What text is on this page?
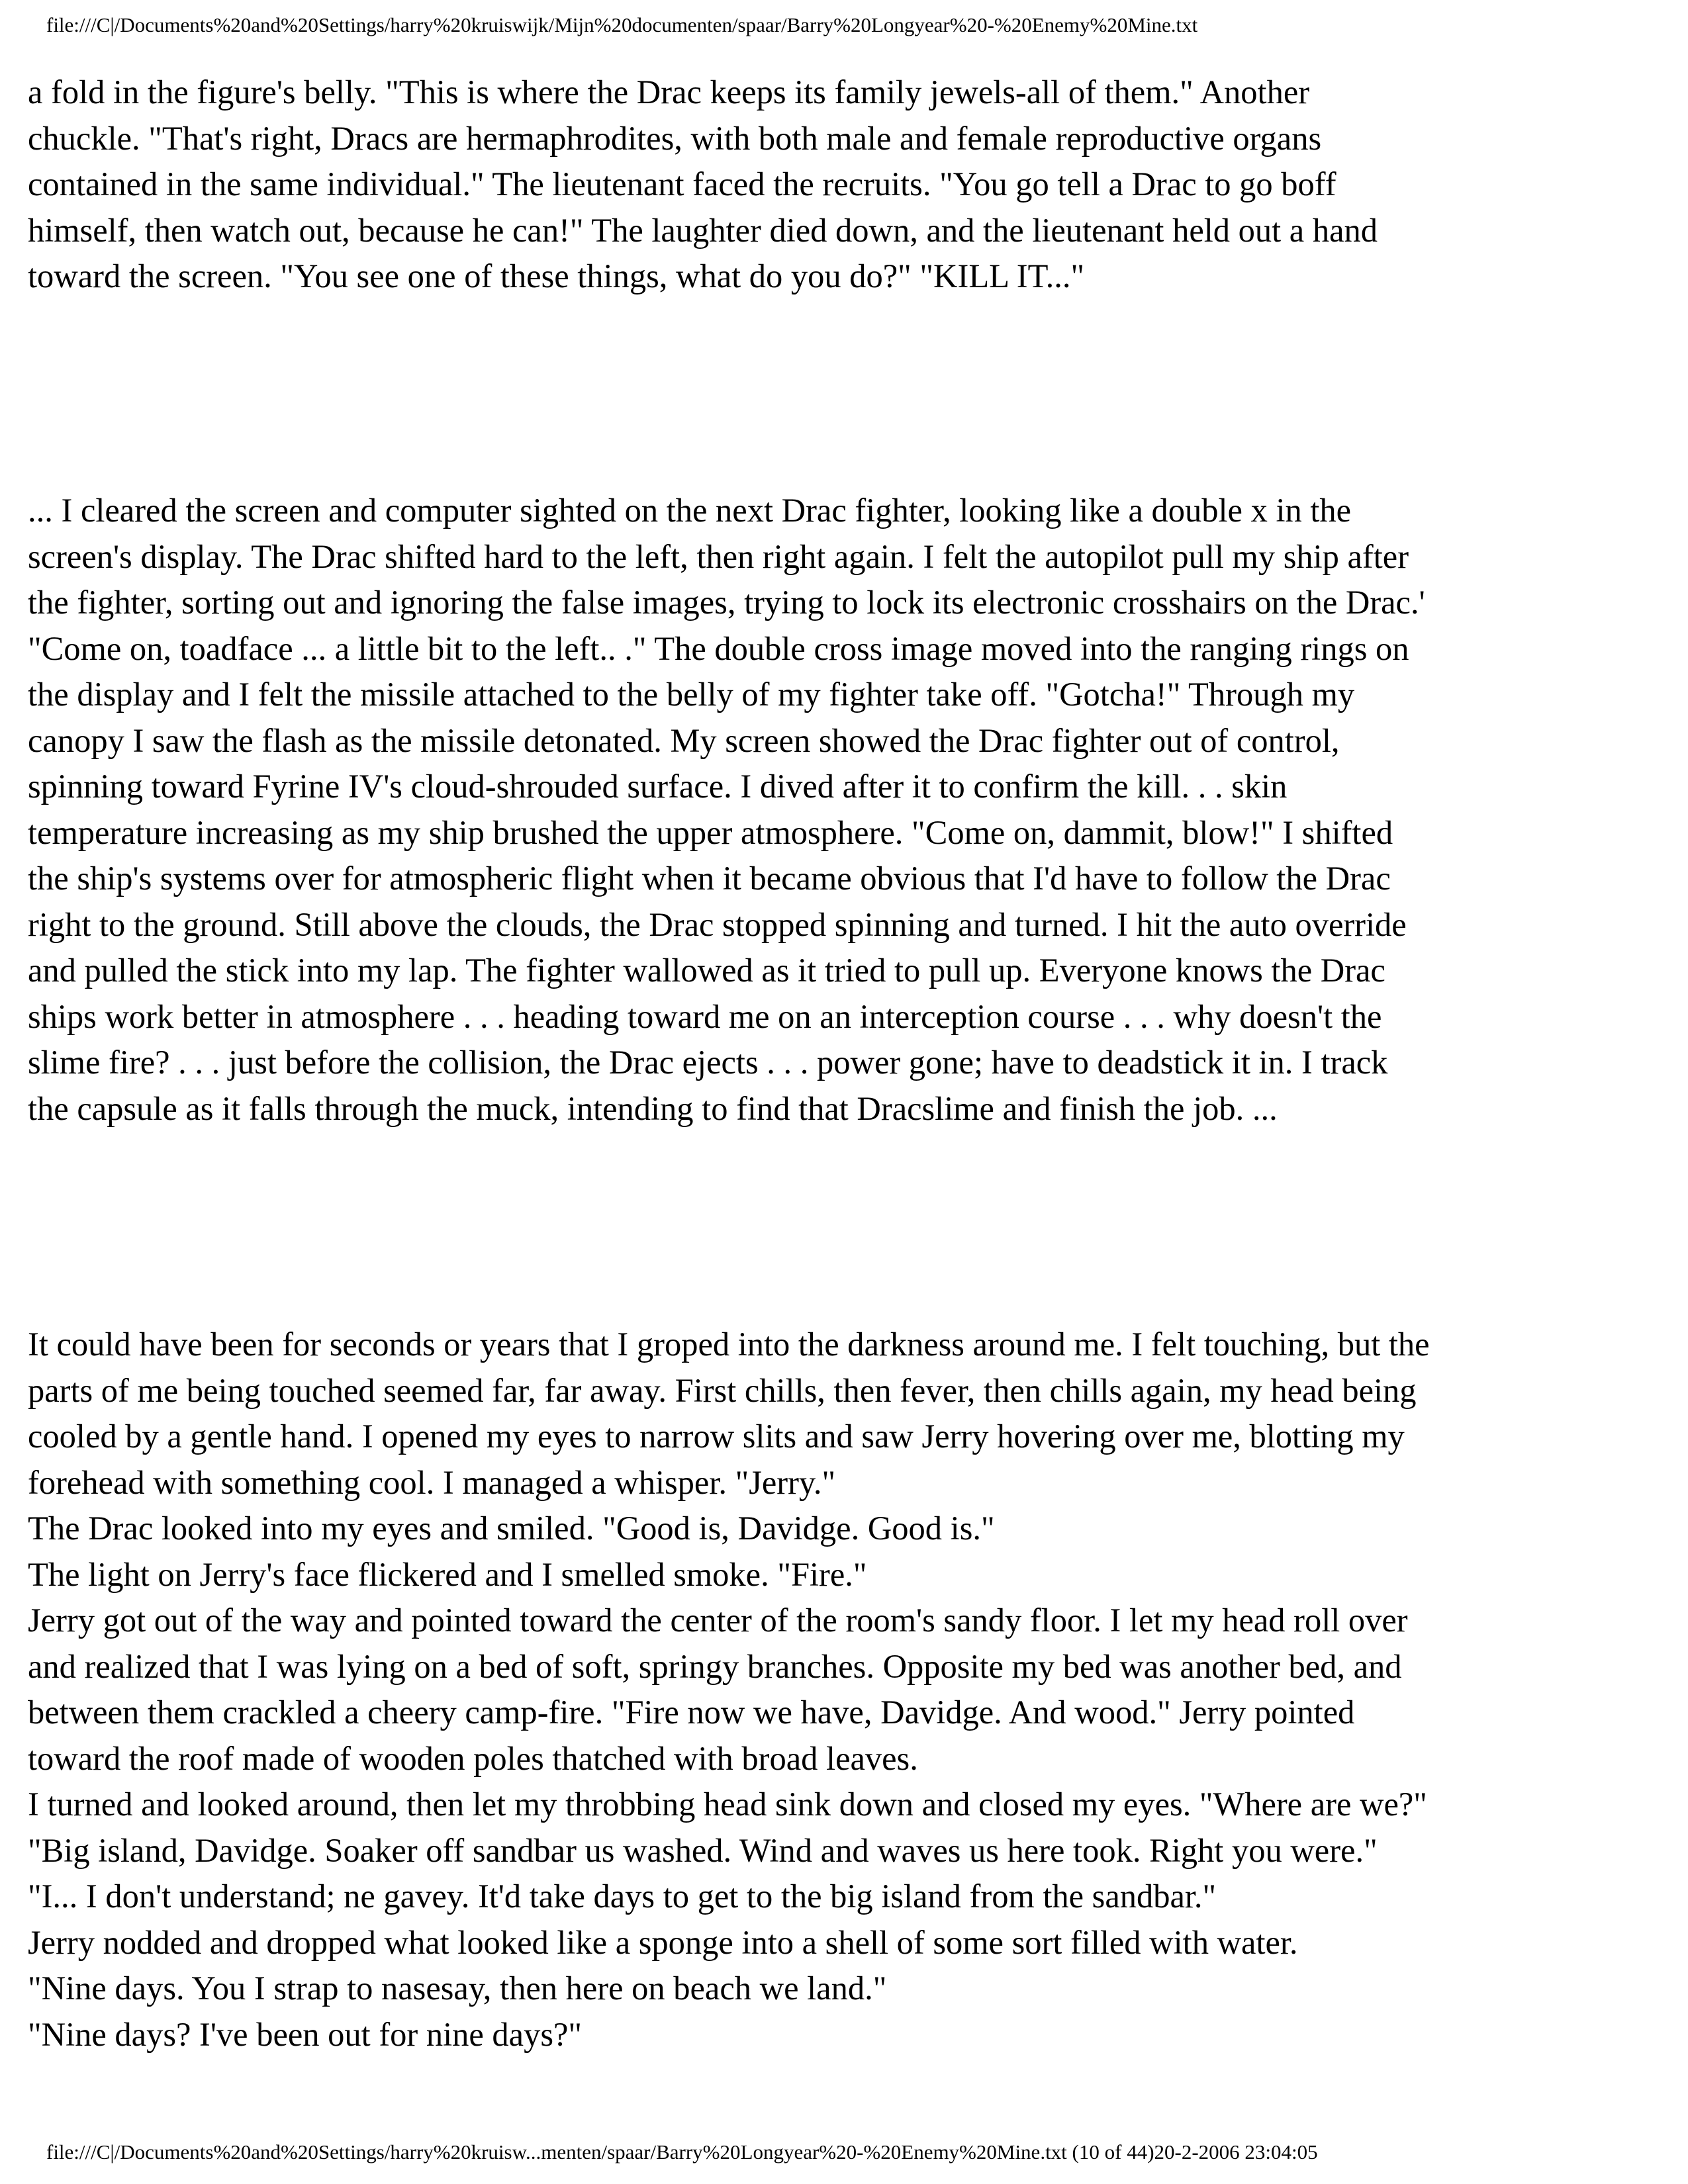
file:///C|/Documents%20and%20Settings/harry%20kruiswijk/Mijn%20documenten/spaar/Barry%20Longyear%20-%20Enemy%20Mine.txt
a fold in the figure's belly. "This is where the Drac keeps its family jewels-all of them." Another
chuckle. "That's right, Dracs are hermaphrodites, with both male and female reproductive organs
contained in the same individual." The lieutenant faced the recruits. "You go tell a Drac to go boff
himself, then watch out, because he can!" The laughter died down, and the lieutenant held out a hand
toward the screen. "You see one of these things, what do you do?" "KILL IT..."
... I cleared the screen and computer sighted on the next Drac fighter, looking like a double x in the
screen's display. The Drac shifted hard to the left, then right again. I felt the autopilot pull my ship after
the fighter, sorting out and ignoring the false images, trying to lock its electronic crosshairs on the Drac.'
"Come on, toadface ... a little bit to the left.. ." The double cross image moved into the ranging rings on
the display and I felt the missile attached to the belly of my fighter take off. "Gotcha!" Through my
canopy I saw the flash as the missile detonated. My screen showed the Drac fighter out of control,
spinning toward Fyrine IV's cloud-shrouded surface. I dived after it to confirm the kill. . . skin
temperature increasing as my ship brushed the upper atmosphere. "Come on, dammit, blow!" I shifted
the ship's systems over for atmospheric flight when it became obvious that I'd have to follow the Drac
right to the ground. Still above the clouds, the Drac stopped spinning and turned. I hit the auto override
and pulled the stick into my lap. The fighter wallowed as it tried to pull up. Everyone knows the Drac
ships work better in atmosphere . . . heading toward me on an interception course . . . why doesn't the
slime fire? . . . just before the collision, the Drac ejects . . . power gone; have to deadstick it in. I track
the capsule as it falls through the muck, intending to find that Dracslime and finish the job. ...
It could have been for seconds or years that I groped into the darkness around me. I felt touching, but the
parts of me being touched seemed far, far away. First chills, then fever, then chills again, my head being
cooled by a gentle hand. I opened my eyes to narrow slits and saw Jerry hovering over me, blotting my
forehead with something cool. I managed a whisper. "Jerry."
The Drac looked into my eyes and smiled. "Good is, Davidge. Good is."
The light on Jerry's face flickered and I smelled smoke. "Fire."
Jerry got out of the way and pointed toward the center of the room's sandy floor. I let my head roll over
and realized that I was lying on a bed of soft, springy branches. Opposite my bed was another bed, and
between them crackled a cheery camp-fire. "Fire now we have, Davidge. And wood." Jerry pointed
toward the roof made of wooden poles thatched with broad leaves.
I turned and looked around, then let my throbbing head sink down and closed my eyes. "Where are we?"
"Big island, Davidge. Soaker off sandbar us washed. Wind and waves us here took. Right you were."
"I... I don't understand; ne gavey. It'd take days to get to the big island from the sandbar."
Jerry nodded and dropped what looked like a sponge into a shell of some sort filled with water.
"Nine days. You I strap to nasesay, then here on beach we land."
"Nine days? I've been out for nine days?"
file:///C|/Documents%20and%20Settings/harry%20kruisw...menten/spaar/Barry%20Longyear%20-%20Enemy%20Mine.txt (10 of 44)20-2-2006 23:04:05
